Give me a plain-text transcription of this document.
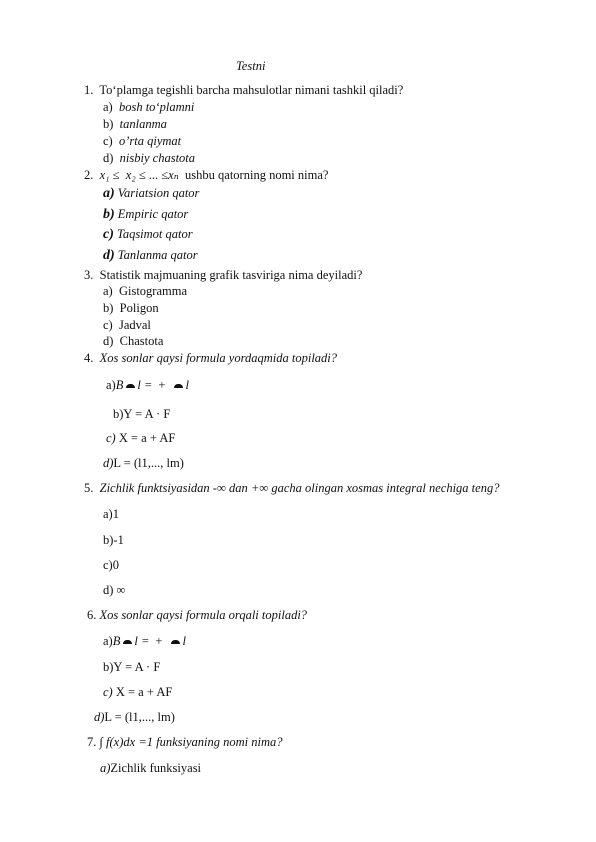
Testni
1. To‘plamga tegishli barcha mahsulotlar nimani tashkil qiladi?
a) bosh to‘plamni
b) tanlanma
c) o’rta qiymat
d) nisbiy chastota
2. x₁ ≤ x₂ ≤ ... ≤xₙ ushbu qatorning nomi nima?
a) Variatsion qator
b) Empiric qator
c) Taqsimot qator
d) Tanlanma qator
3. Statistik majmuaning grafik tasviriga nima deyiladi?
a) Gistogramma
b) Poligon
c) Jadval
d) Chastota
4. Xos sonlar qaysi formula yordaqmida topiladi?
a)B l = + l
b)Y = A · F
c) X = a + AF
d)L = (l1,..., lm)
5. Zichlik funktsiyasidan -∞ dan +∞ gacha olingan xosmas integral nechiga teng?
a)1
b)-1
c)0
d) ∞
6. Xos sonlar qaysi formula orqali topiladi?
a)B l = + l
b)Y = A · F
c) X = a + AF
d)L = (l1,..., lm)
7. ∫ f(x)dx =1 funksiyaning nomi nima?
a)Zichlik funksiyasi
